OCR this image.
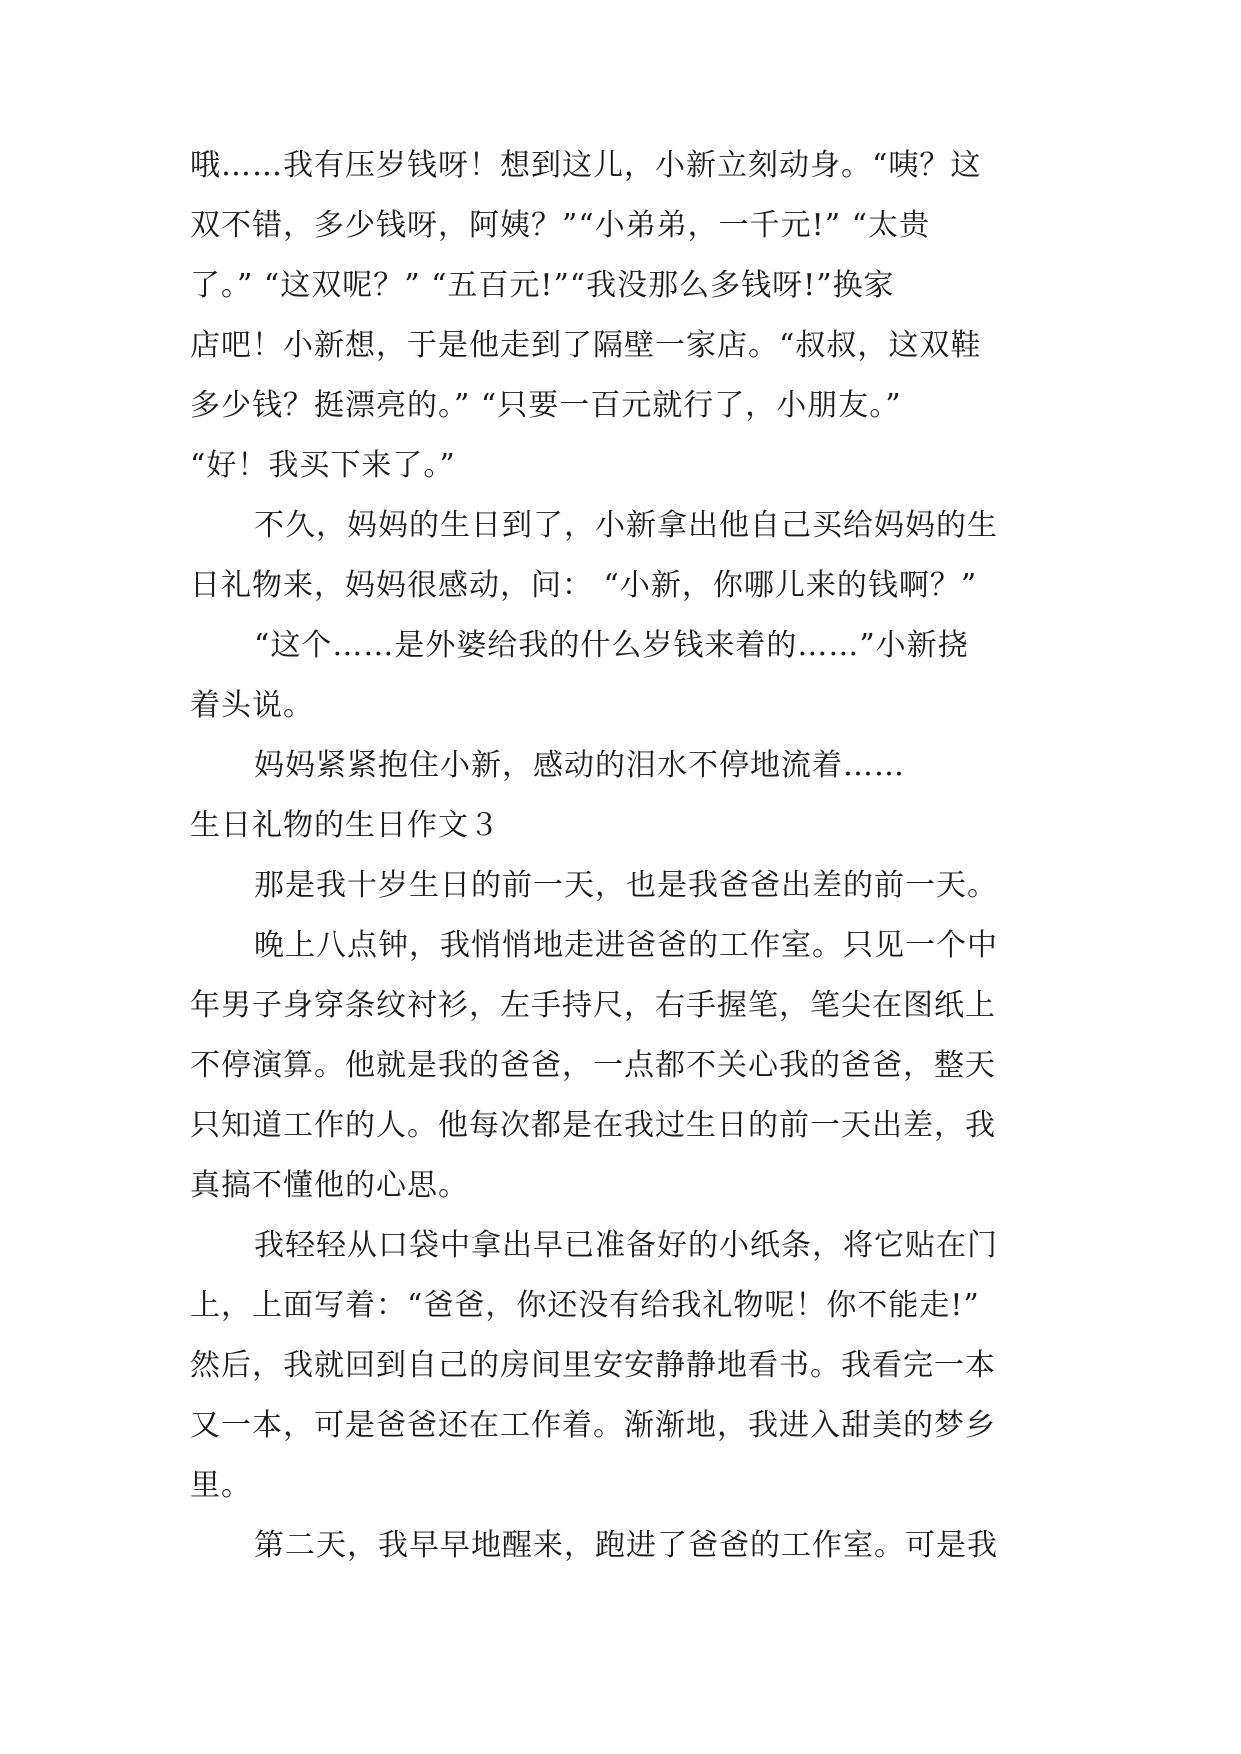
哦……我有压岁钱呀！想到这儿，小新立刻动身。“咦？这
双不错，多少钱呀，阿姨？”“小弟弟，一千元!” “太贵
了。” “这双呢？” “五百元!”“我没那么多钱呀!”换家
店吧！小新想，于是他走到了隔壁一家店。“叔叔，这双鞋
多少钱？挺漂亮的。” “只要一百元就行了，小朋友。”
“好！我买下来了。”
不久，妈妈的生日到了，小新拿出他自己买给妈妈的生
日礼物来，妈妈很感动，问： “小新，你哪儿来的钱啊？”
“这个……是外婆给我的什么岁钱来着的……”小新挠
着头说。
妈妈紧紧抱住小新，感动的泪水不停地流着……
生日礼物的生日作文３
那是我十岁生日的前一天，也是我爸爸出差的前一天。
晚上八点钟，我悄悄地走进爸爸的工作室。只见一个中
年男子身穿条纹衬衫，左手持尺，右手握笔，笔尖在图纸上
不停演算。他就是我的爸爸，一点都不关心我的爸爸，整天
只知道工作的人。他每次都是在我过生日的前一天出差，我
真搞不懂他的心思。
我轻轻从口袋中拿出早已准备好的小纸条，将它贴在门
上，上面写着：“爸爸，你还没有给我礼物呢！你不能走!”
然后，我就回到自己的房间里安安静静地看书。我看完一本
又一本，可是爸爸还在工作着。渐渐地，我进入甜美的梦乡
里。
第二天，我早早地醒来，跑进了爸爸的工作室。可是我
